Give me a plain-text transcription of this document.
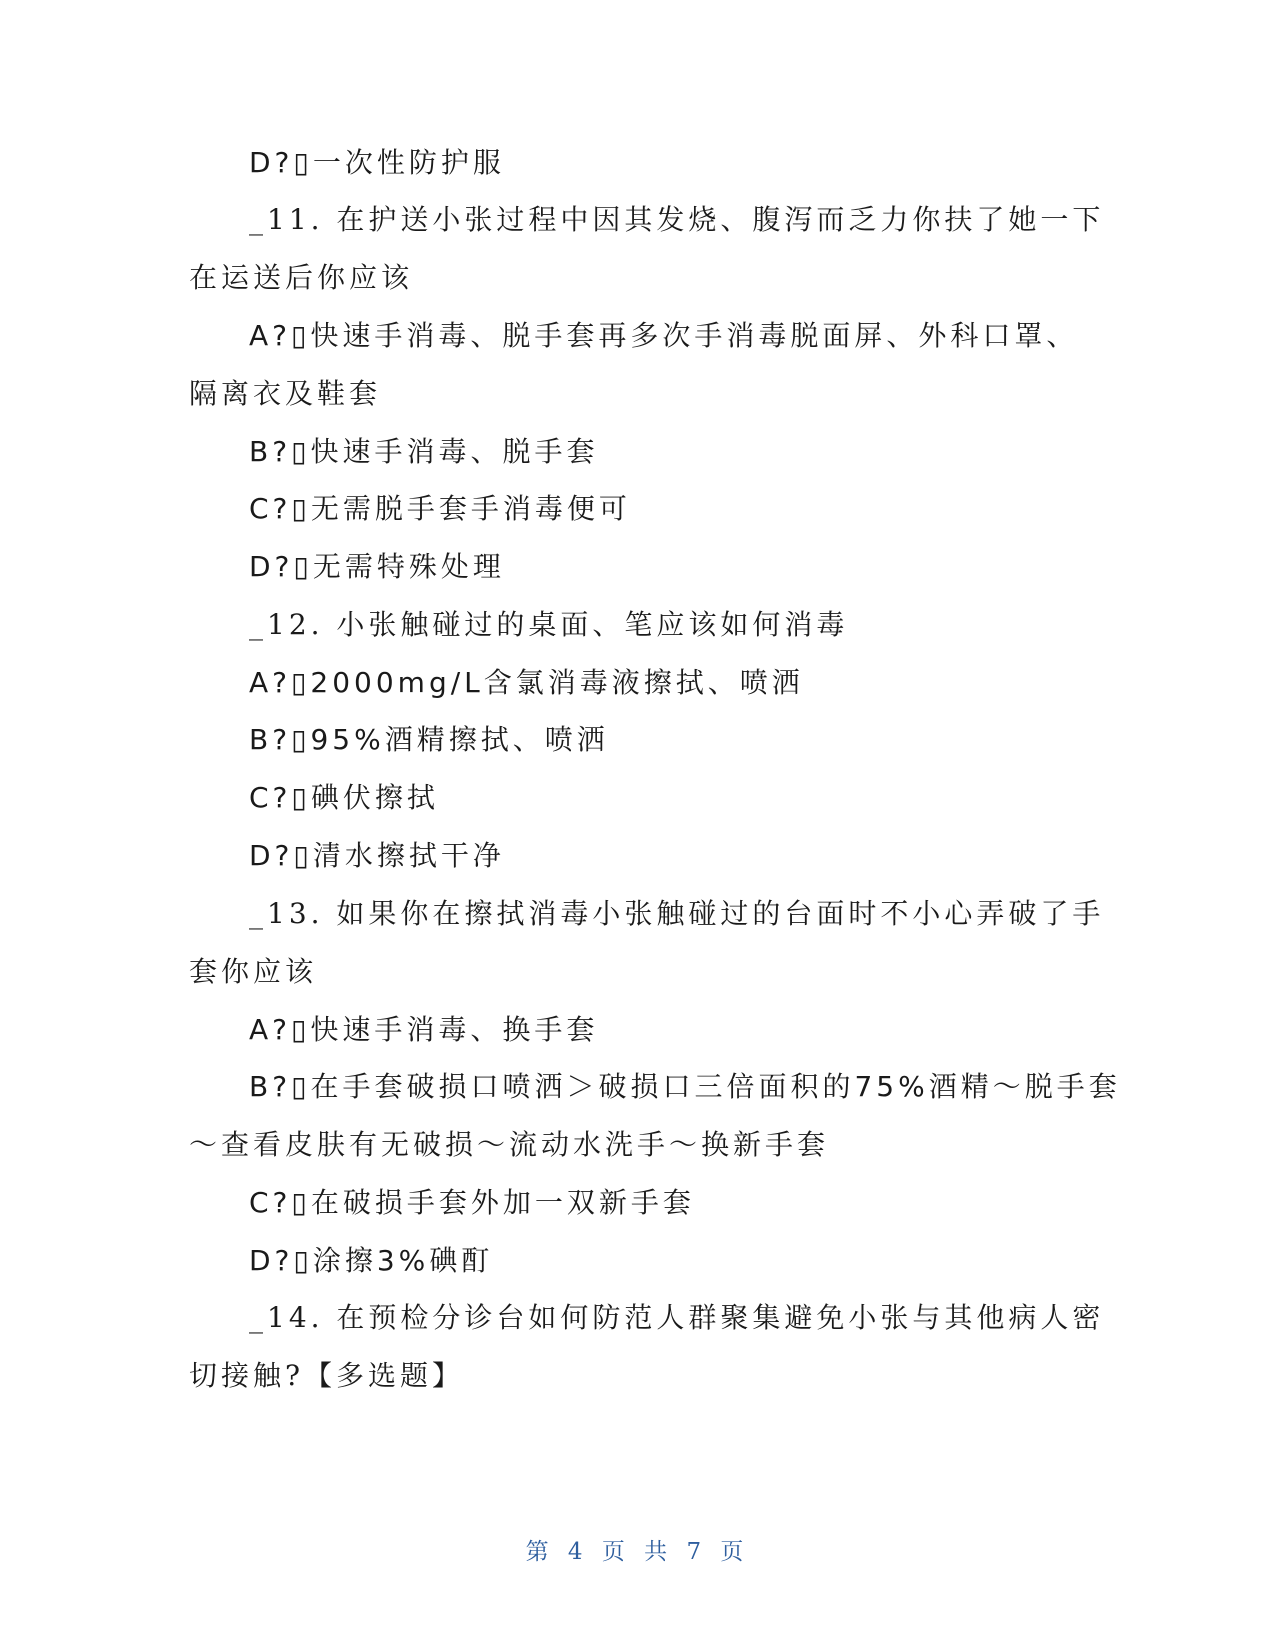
D?▯一次性防护服
_11. 在护送小张过程中因其发烧、腹泻而乏力你扶了她一下
在运送后你应该
A?▯快速手消毒、脱手套再多次手消毒脱面屏、外科口罩、
隔离衣及鞋套
B?▯快速手消毒、脱手套
C?▯无需脱手套手消毒便可
D?▯无需特殊处理
_12. 小张触碰过的桌面、笔应该如何消毒
A?▯2000mg/L含氯消毒液擦拭、喷洒
B?▯95%酒精擦拭、喷洒
C?▯碘伏擦拭
D?▯清水擦拭干净
_13. 如果你在擦拭消毒小张触碰过的台面时不小心弄破了手
套你应该
A?▯快速手消毒、换手套
B?▯在手套破损口喷洒＞破损口三倍面积的75%酒精～脱手套
～查看皮肤有无破损～流动水洗手～换新手套
C?▯在破损手套外加一双新手套
D?▯涂擦3%碘酊
_14. 在预检分诊台如何防范人群聚集避免小张与其他病人密
切接触?【多选题】
第 4 页 共 7 页
